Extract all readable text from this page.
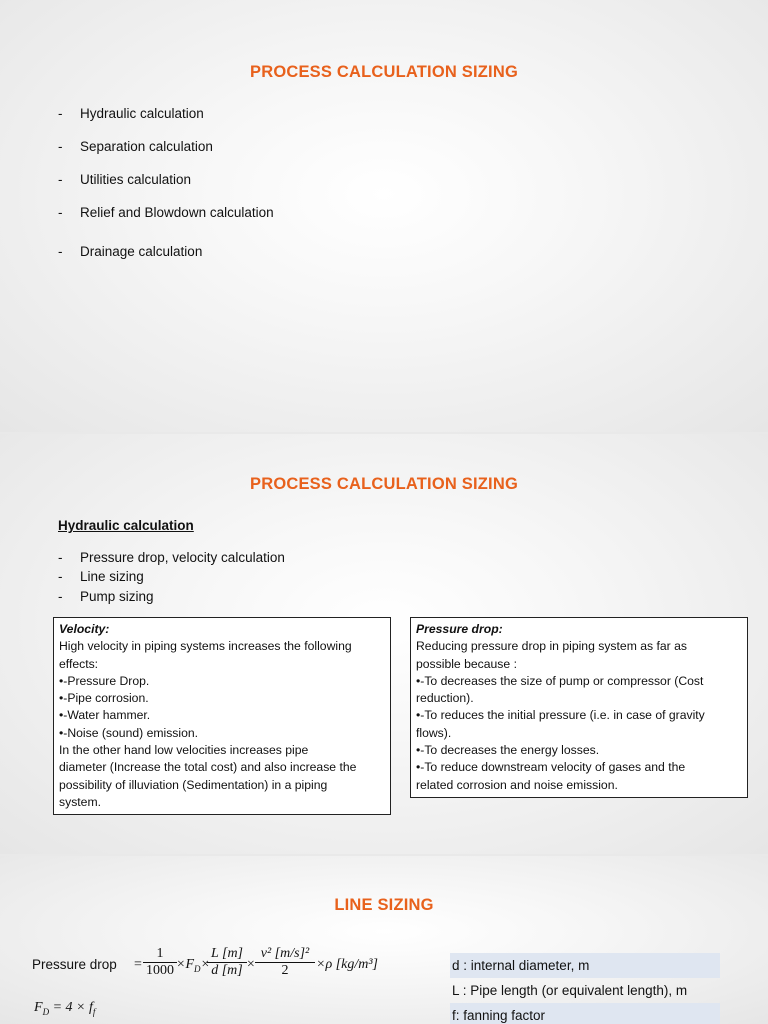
PROCESS CALCULATION SIZING
- Hydraulic calculation
- Separation calculation
- Utilities calculation
- Relief and Blowdown calculation
- Drainage calculation
PROCESS CALCULATION SIZING
Hydraulic calculation
- Pressure drop, velocity calculation
- Line sizing
- Pump sizing
Velocity:
High velocity in piping systems increases the following
effects:
•-Pressure Drop.
•-Pipe corrosion.
•-Water hammer.
•-Noise (sound) emission.
In the other hand low velocities increases pipe
diameter (Increase the total cost) and also increase the
possibility of illuviation (Sedimentation) in a piping
system.
Pressure drop:
Reducing pressure drop in piping system as far as
possible because :
•-To decreases the size of pump or compressor (Cost
reduction).
•-To reduces the initial pressure (i.e. in case of gravity
flows).
•-To decreases the energy losses.
•-To reduce downstream velocity of gases and the
related corrosion and noise emission.
LINE SIZING
Pressure drop = $\frac{1}{1000} \times F_D\times$
$\frac{L [m]}{d [m]} \times \frac{\text{v² [m/s]²}}{2} \times\rho$ [kg/m³]
$F_D = 4 \times f_f$
d : internal diameter, m
L : Pipe length (or equivalent length), m
f: fanning factor
